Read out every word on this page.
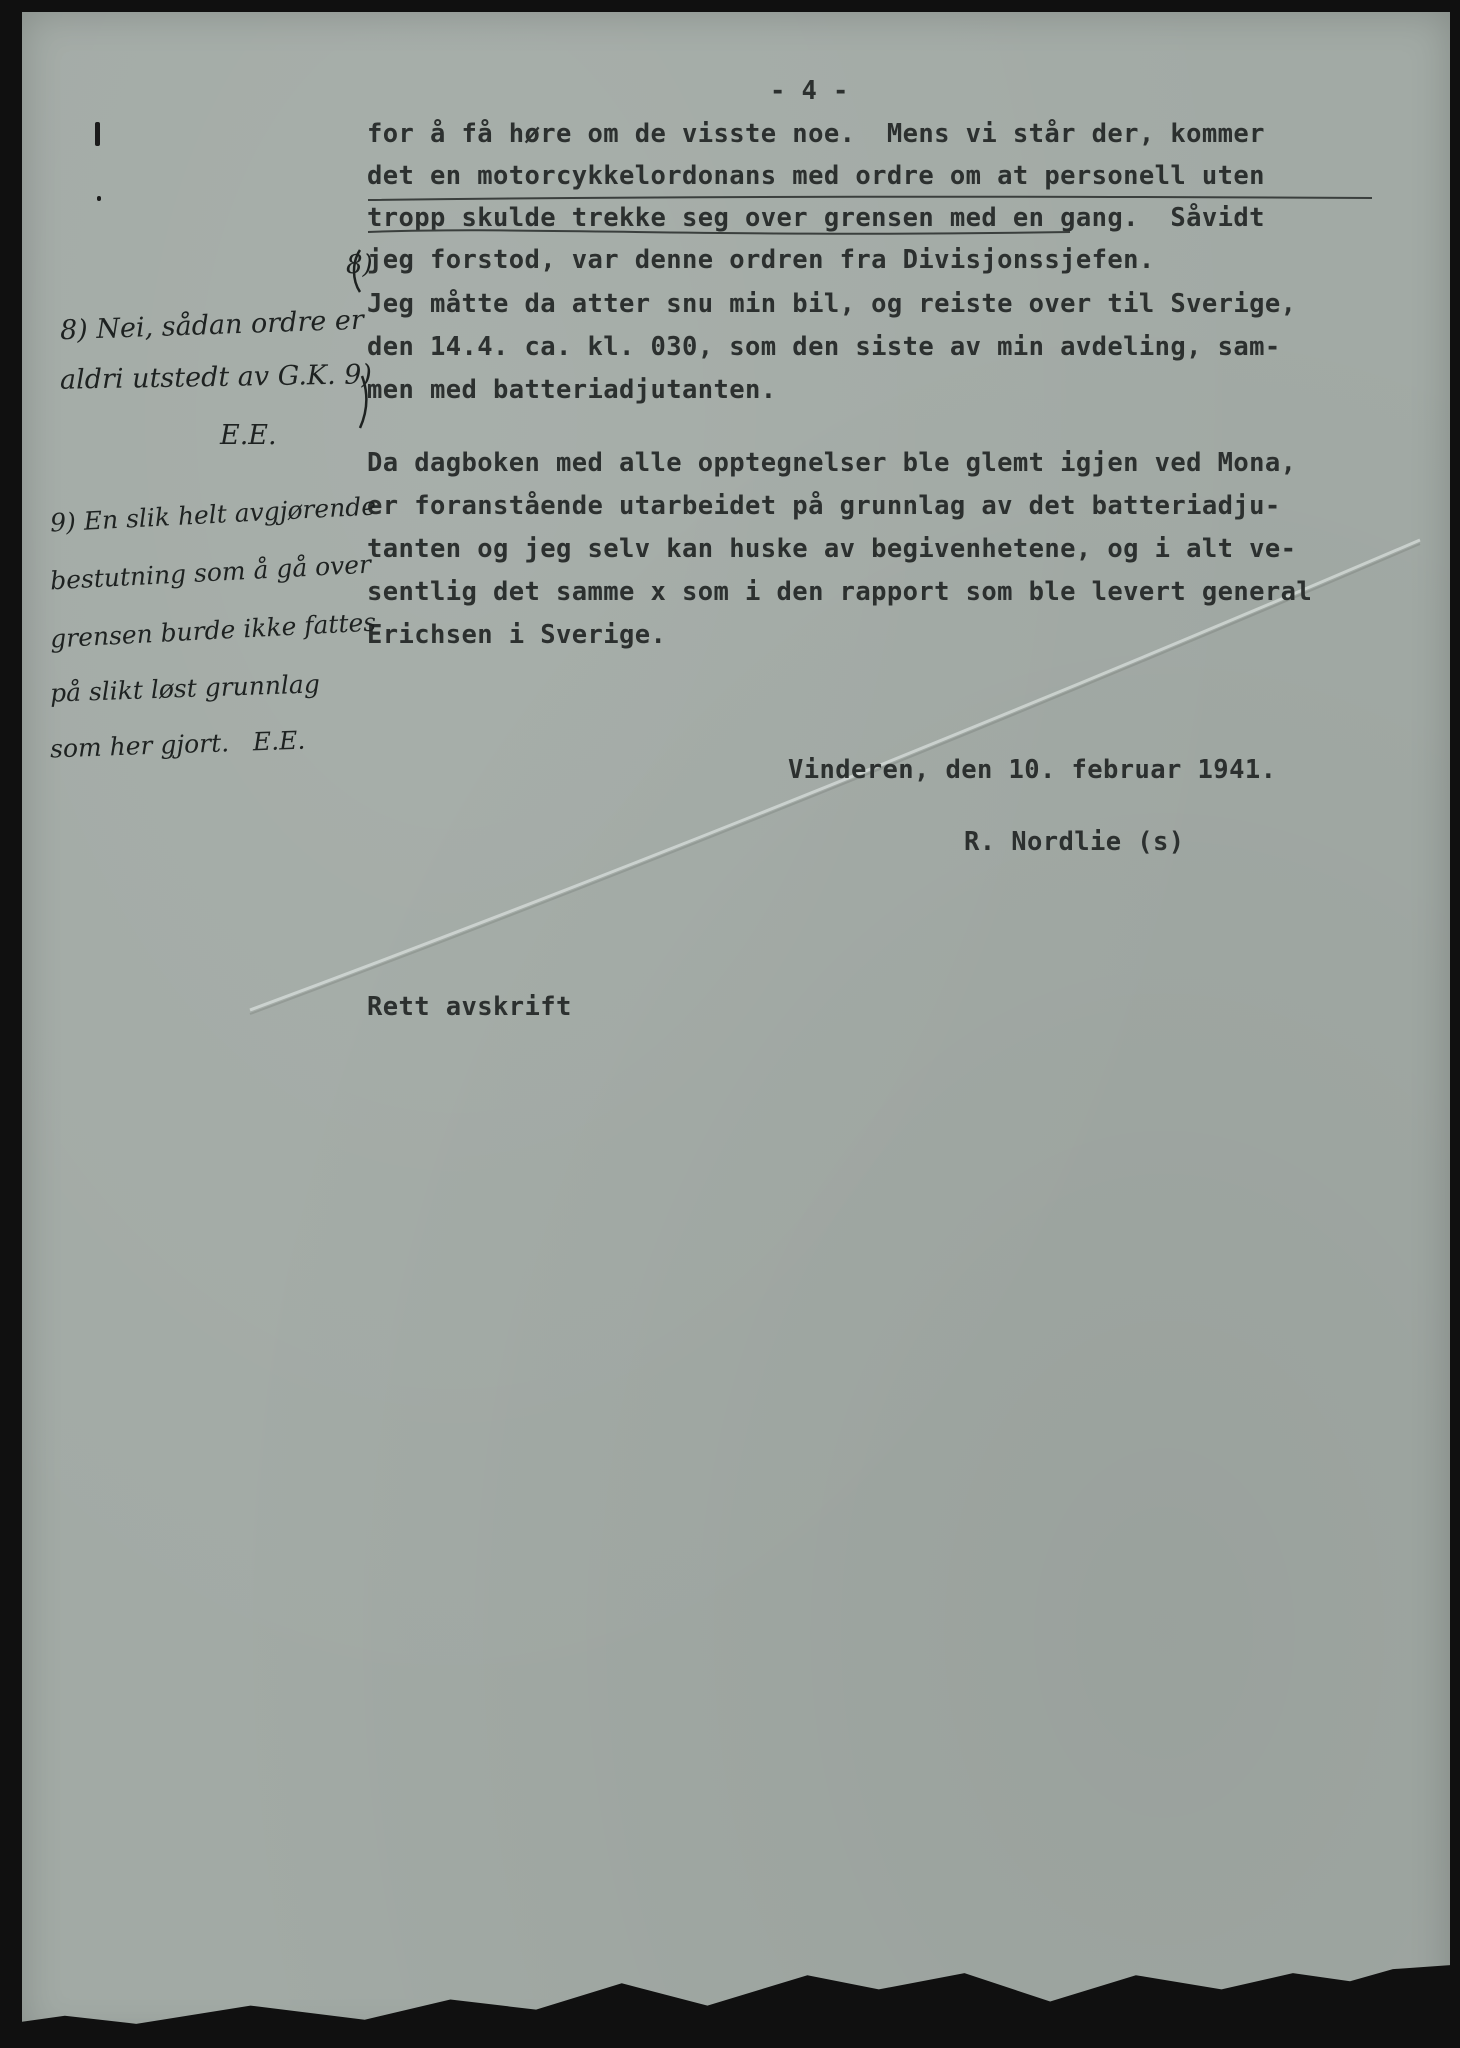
- 4 -

for å få høre om de visste noe.  Mens vi står der, kommer

det en motorcykkelordonans med ordre om at personell uten

tropp skulde trekke seg over grensen med en gang.  Såvidt

jeg forstod, var denne ordren fra Divisjonssjefen.

Jeg måtte da atter snu min bil, og reiste over til Sverige,

den 14.4. ca. kl. 030, som den siste av min avdeling, sam-

men med batteriadjutanten.

8)

Da dagboken med alle opptegnelser ble glemt igjen ved Mona,

er foranstående utarbeidet på grunnlag av det batteriadju-

tanten og jeg selv kan huske av begivenhetene, og i alt ve-

sentlig det samme x som i den rapport som ble levert general

Erichsen i Sverige.

Vinderen, den 10. februar 1941.

R. Nordlie (s)

Rett avskrift

8) Nei, sådan ordre er

aldri utstedt av G.K. 9)

E.E.

9) En slik helt avgjørende

bestutning som å gå over

grensen burde ikke fattes

på slikt løst grunnlag

som her gjort.   E.E.
